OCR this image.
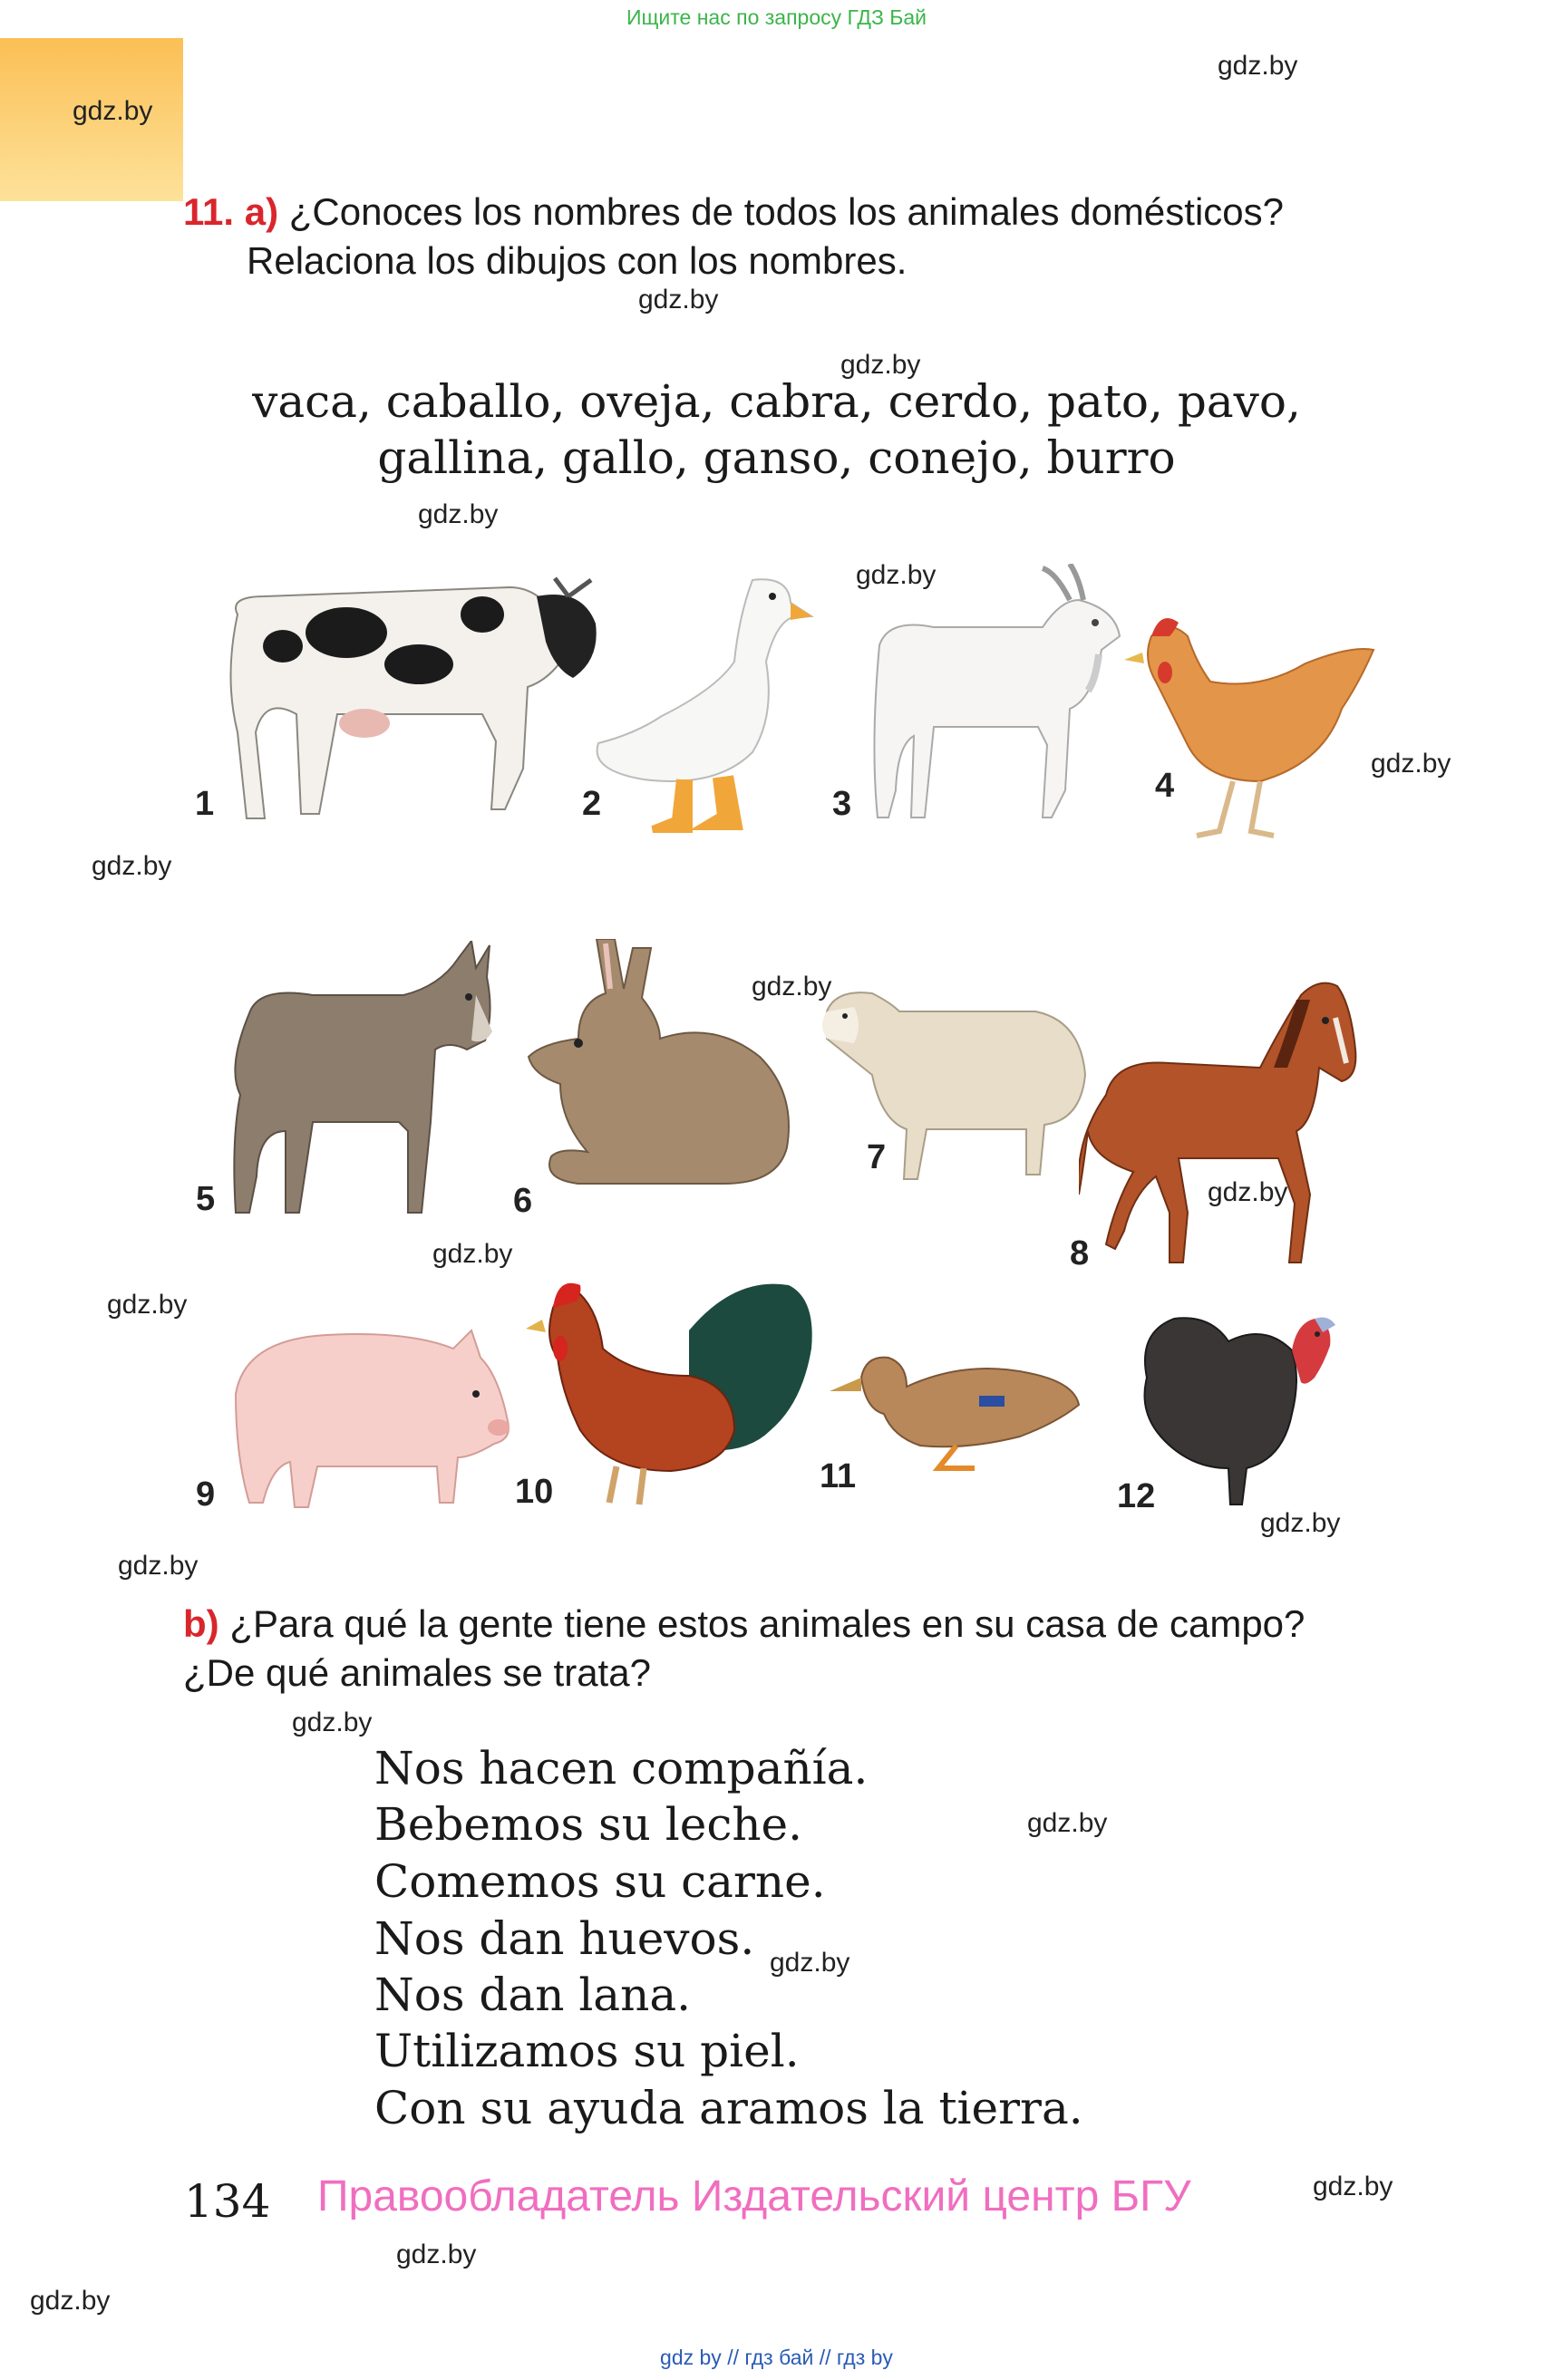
Ищите нас по запросу ГДЗ Бай
gdz.by
gdz.by
gdz.by
gdz.by
gdz.by
gdz.by
gdz.by
gdz.by
gdz.by
gdz.by
gdz.by
gdz.by
gdz.by
gdz.by
gdz.by
gdz.by
gdz.by
gdz.by
gdz.by
gdz.by
11. a) ¿Conoces los nombres de todos los animales domésticos?
Relaciona los dibujos con los nombres.
vaca, caballo, oveja, cabra, cerdo, pato, pavo,
gallina, gallo, ganso, conejo, burro
1	2	3	4
5	6
7
8
9	10	11
12
b) ¿Para qué la gente tiene estos animales en su casa de campo?
¿De qué animales se trata?
Nos hacen compañía.
Bebemos su leche.
Comemos su carne.
Nos dan huevos.
Nos dan lana.
Utilizamos su piel.
Con su ayuda aramos la tierra.
134 Правообладатель Издательский центр БГУ
gdz by // гдз бай // гдз by
